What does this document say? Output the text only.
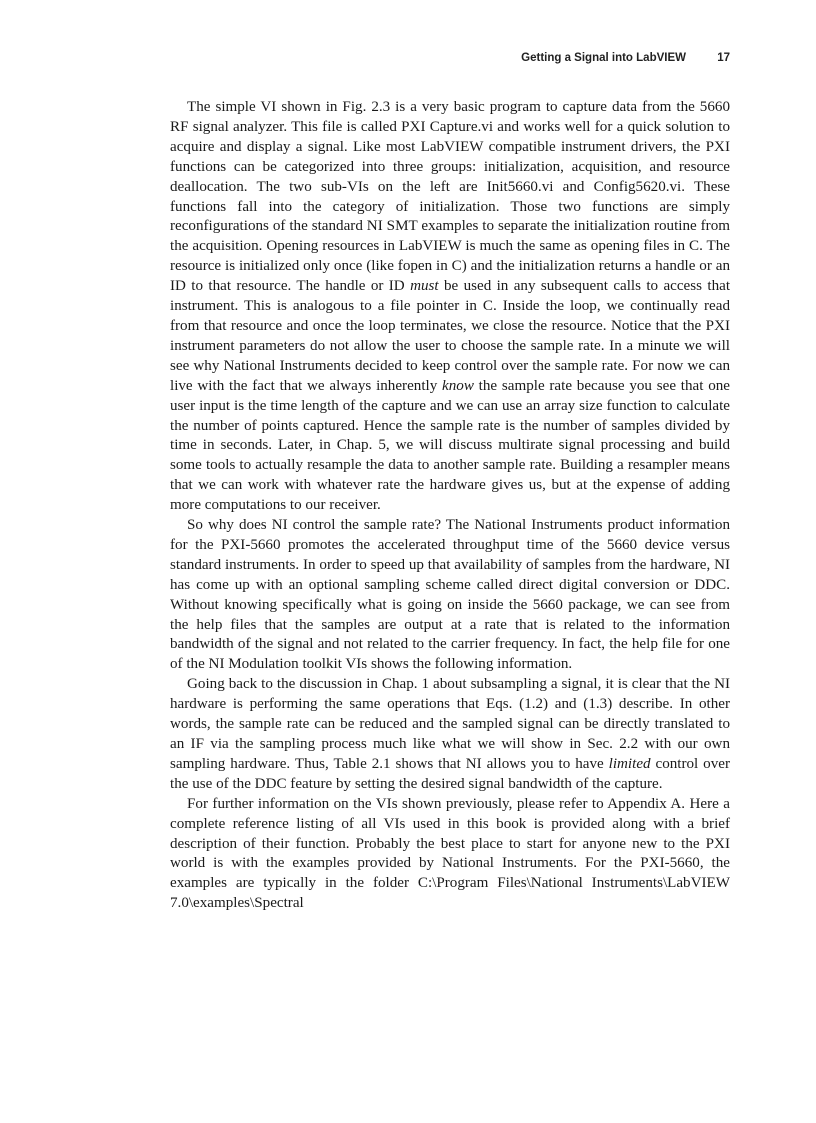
Getting a Signal into LabVIEW	17

The simple VI shown in Fig. 2.3 is a very basic program to capture data from the 5660 RF signal analyzer. This file is called PXI Capture.vi and works well for a quick solution to acquire and display a signal. Like most LabVIEW compatible instrument drivers, the PXI functions can be categorized into three groups: initialization, acquisition, and resource deallocation. The two sub-VIs on the left are Init5660.vi and Config5620.vi. These functions fall into the category of initialization. Those two functions are simply reconfigurations of the standard NI SMT examples to separate the initialization routine from the acquisition. Opening resources in LabVIEW is much the same as opening files in C. The resource is initialized only once (like fopen in C) and the initialization returns a handle or an ID to that resource. The handle or ID must be used in any subsequent calls to access that instrument. This is analogous to a file pointer in C. Inside the loop, we continually read from that resource and once the loop terminates, we close the resource. Notice that the PXI instrument parameters do not allow the user to choose the sample rate. In a minute we will see why National Instruments decided to keep control over the sample rate. For now we can live with the fact that we always inherently know the sample rate because you see that one user input is the time length of the capture and we can use an array size function to calculate the number of points captured. Hence the sample rate is the number of samples divided by time in seconds. Later, in Chap. 5, we will discuss multirate signal processing and build some tools to actually resample the data to another sample rate. Building a resampler means that we can work with whatever rate the hardware gives us, but at the expense of adding more computations to our receiver.

So why does NI control the sample rate? The National Instruments product information for the PXI-5660 promotes the accelerated throughput time of the 5660 device versus standard instruments. In order to speed up that availability of samples from the hardware, NI has come up with an optional sampling scheme called direct digital conversion or DDC. Without knowing specifically what is going on inside the 5660 package, we can see from the help files that the samples are output at a rate that is related to the information bandwidth of the signal and not related to the carrier frequency. In fact, the help file for one of the NI Modulation toolkit VIs shows the following information.

Going back to the discussion in Chap. 1 about subsampling a signal, it is clear that the NI hardware is performing the same operations that Eqs. (1.2) and (1.3) describe. In other words, the sample rate can be reduced and the sampled signal can be directly translated to an IF via the sampling process much like what we will show in Sec. 2.2 with our own sampling hardware. Thus, Table 2.1 shows that NI allows you to have limited control over the use of the DDC feature by setting the desired signal bandwidth of the capture.

For further information on the VIs shown previously, please refer to Appendix A. Here a complete reference listing of all VIs used in this book is provided along with a brief description of their function. Probably the best place to start for anyone new to the PXI world is with the examples provided by National Instruments. For the PXI-5660, the examples are typically in the folder C:\Program Files\National Instruments\LabVIEW 7.0\examples\Spectral
